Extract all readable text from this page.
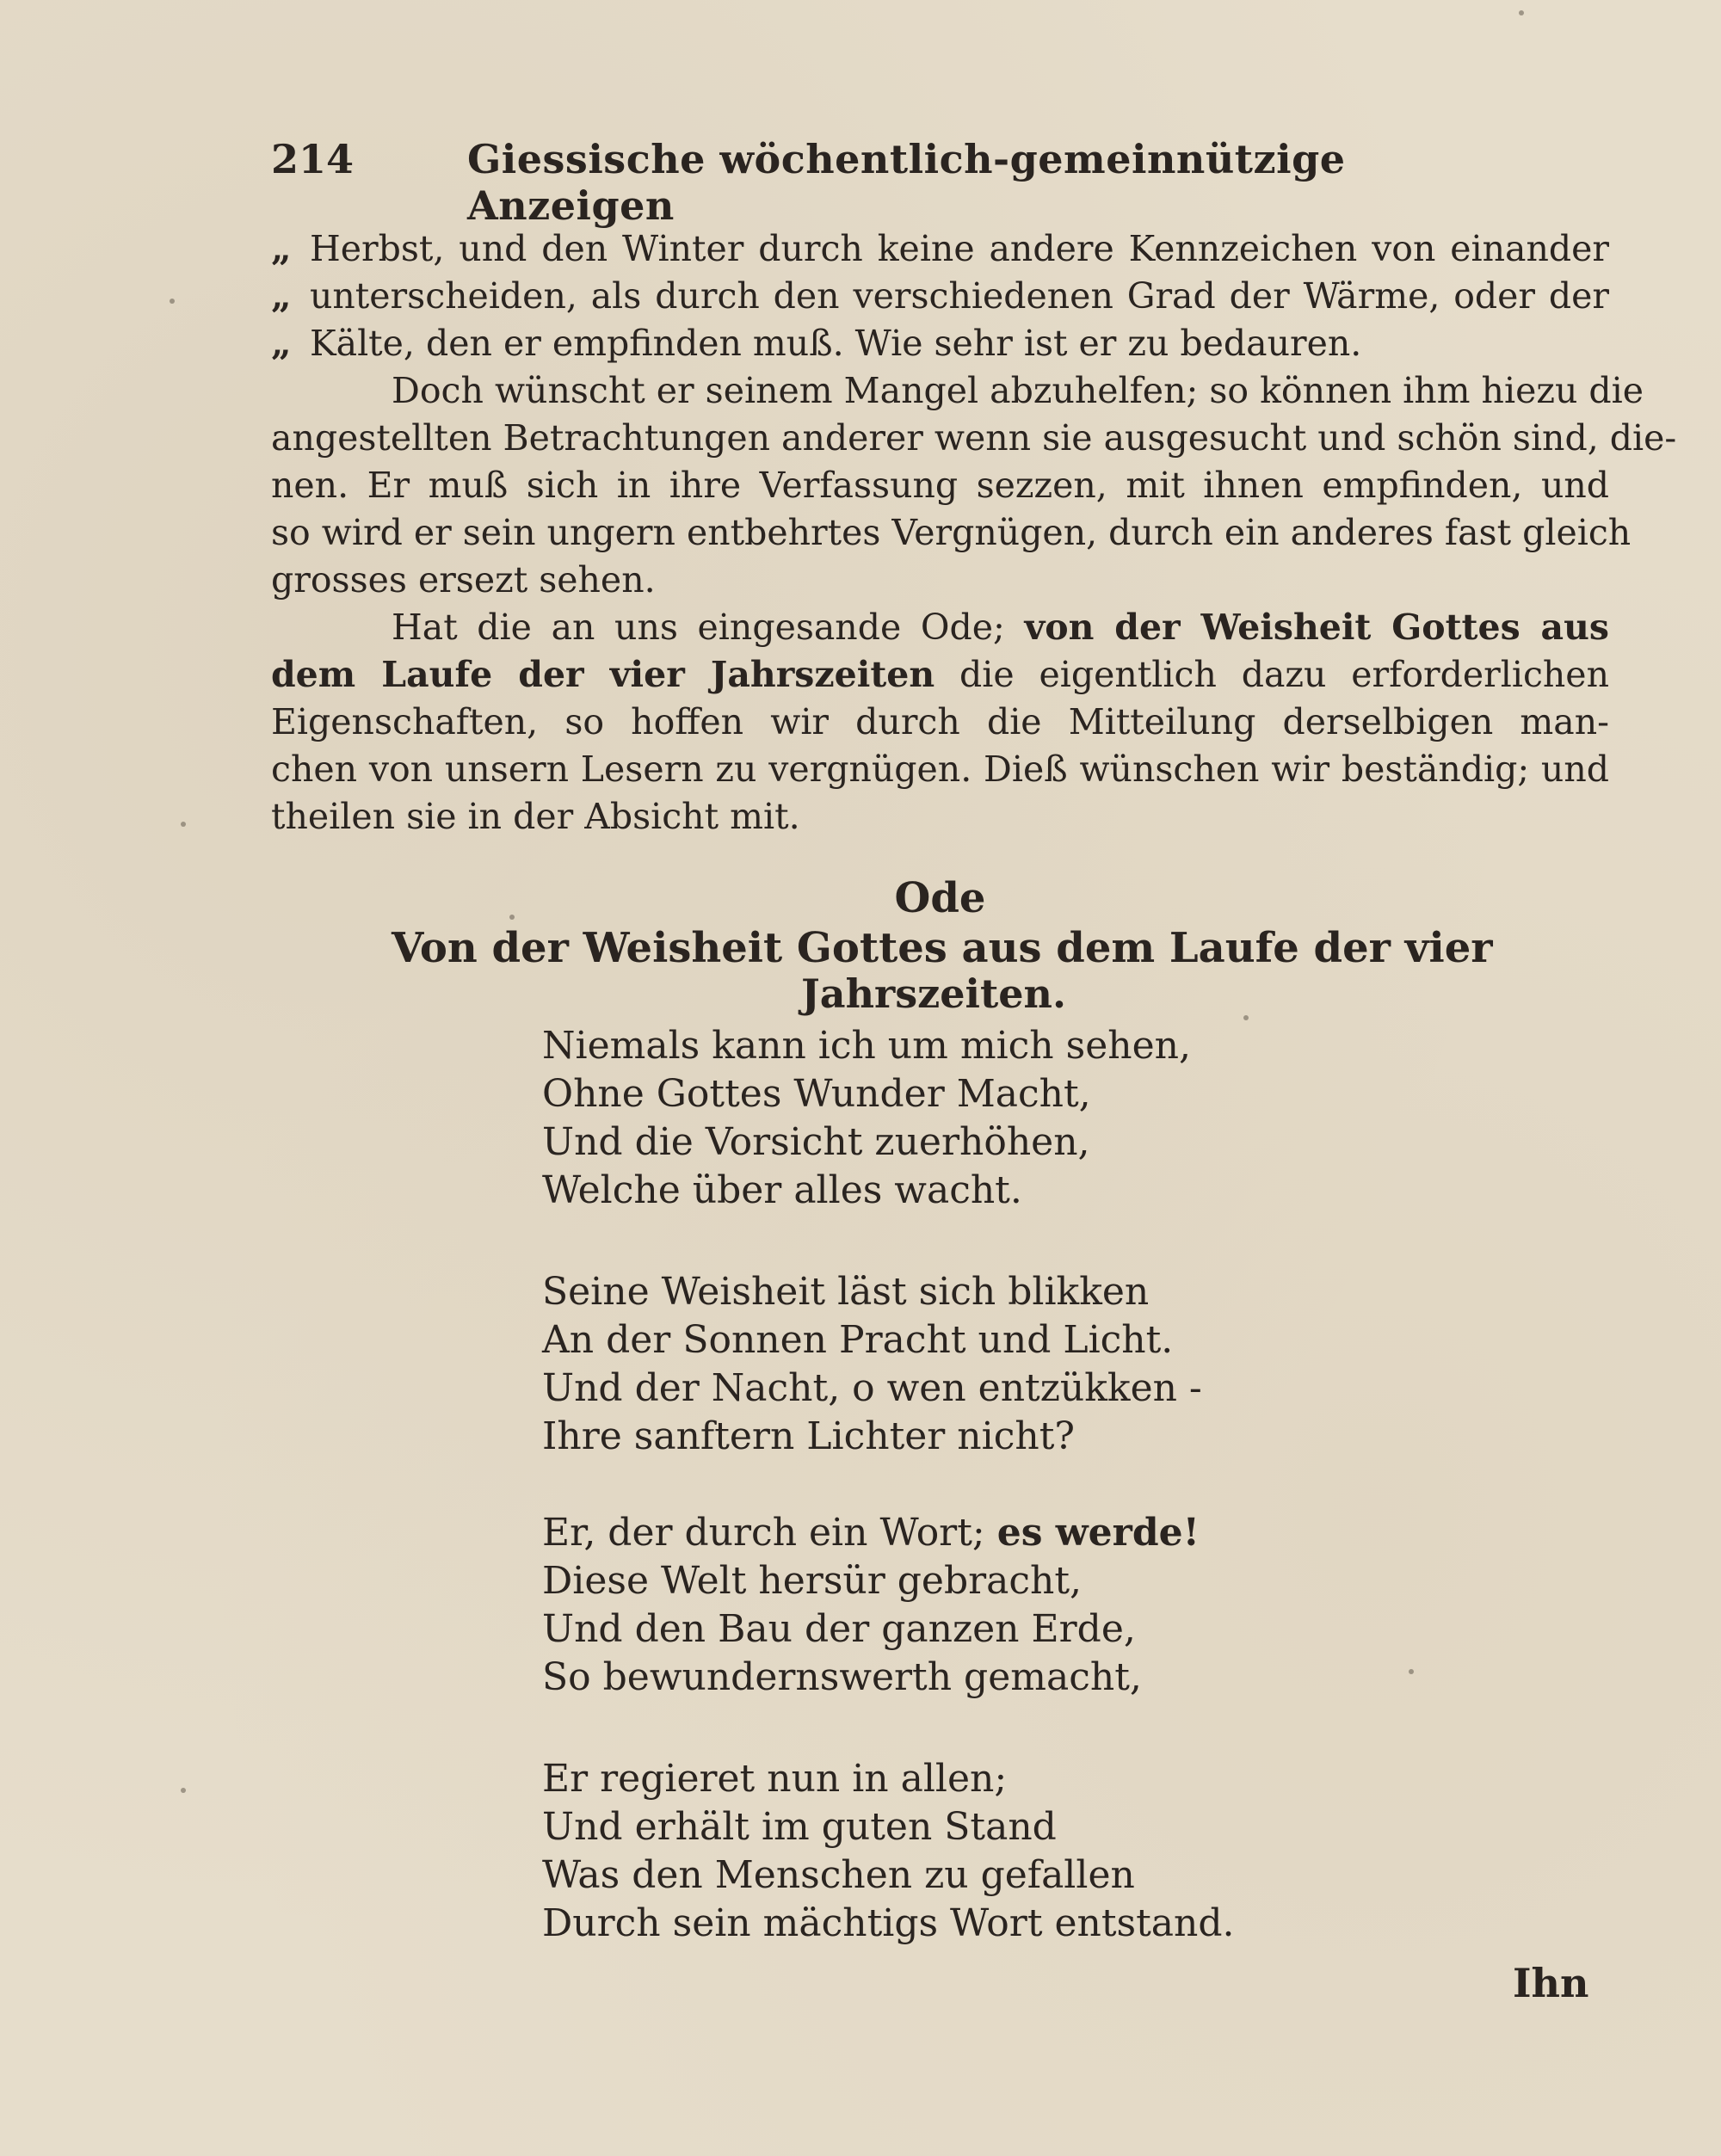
214	Giessische wöchentlich-gemeinnützige Anzeigen
„ Herbst, und den Winter durch keine andere Kennzeichen von einander
„ unterscheiden, als durch den verschiedenen Grad der Wärme, oder der
„ Kälte, den er empfinden muß. Wie sehr ist er zu bedauren.
Doch wünscht er seinem Mangel abzuhelfen; so können ihm hiezu die
angestellten Betrachtungen anderer wenn sie ausgesucht und schön sind, die-
nen. Er muß sich in ihre Verfassung sezzen, mit ihnen empfinden, und
so wird er sein ungern entbehrtes Vergnügen, durch ein anderes fast gleich
grosses ersezt sehen.
Hat die an uns eingesande Ode; von der Weisheit Gottes aus
dem Laufe der vier Jahrszeiten die eigentlich dazu erforderlichen
Eigenschaften, so hoffen wir durch die Mitteilung derselbigen man-
chen von unsern Lesern zu vergnügen. Dieß wünschen wir beständig; und
theilen sie in der Absicht mit.
Ode
Von der Weisheit Gottes aus dem Laufe der vier
Jahrszeiten.
Niemals kann ich um mich sehen,
Ohne Gottes Wunder Macht,
Und die Vorsicht zuerhöhen,
Welche über alles wacht.
Seine Weisheit läst sich blikken
An der Sonnen Pracht und Licht.
Und der Nacht, o wen entzükken -
Ihre sanftern Lichter nicht?
Er, der durch ein Wort; es werde!
Diese Welt hersür gebracht,
Und den Bau der ganzen Erde,
So bewundernswerth gemacht,
Er regieret nun in allen;
Und erhält im guten Stand
Was den Menschen zu gefallen
Durch sein mächtigs Wort entstand.
Ihn
